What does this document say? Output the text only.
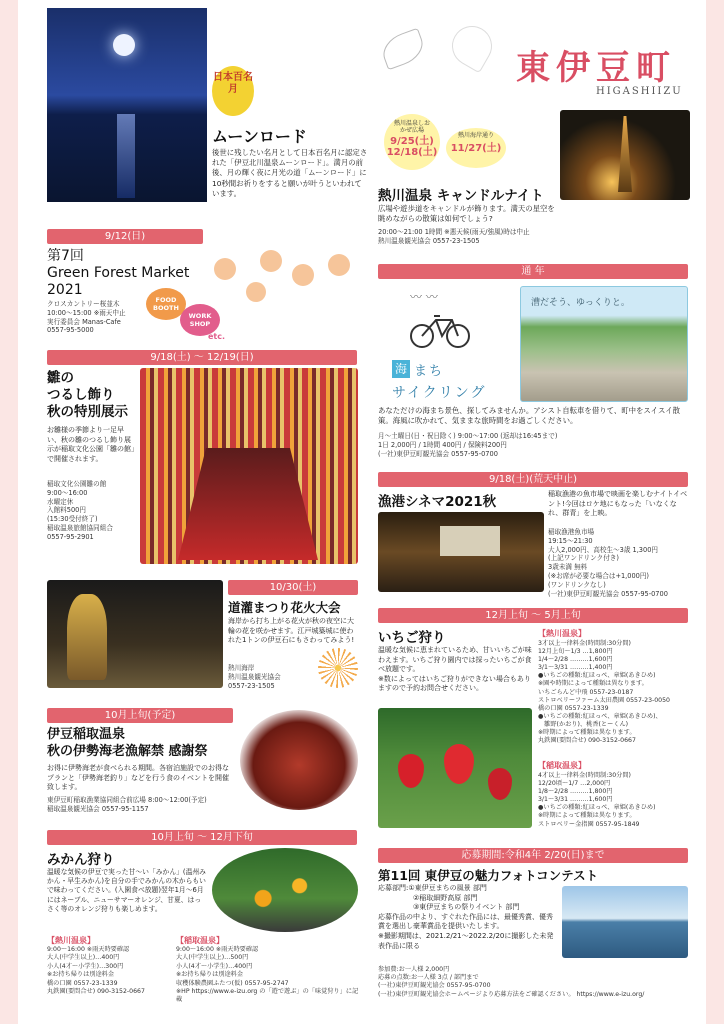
東伊豆町
HIGASHIIZU
日本百名月
ムーンロード
後世に残したい名月として日本百名月に認定された「伊豆北川温泉ムーンロード」。満月の前後、月の輝く夜に月光の道「ムーンロード」に10秒間お祈りをすると願いが叶うといわれています。
熱川温泉しおかぜ広場
9/25(土)
12/18(土)
熱川海岸通り
11/27(土)
熱川温泉 キャンドルナイト
広場や遊歩道をキャンドルが飾ります。満天の星空を眺めながらの散策は如何でしょう?
20:00～21:00 1時間 ※悪天候(雨天/強風)時は中止
熱川温泉観光協会 0557-23-1505
9/12(日)
第7回
Green Forest Market
2021
クロスカントリー桜並木
10:00～15:00 ※雨天中止
実行委員会 Manas-Cafe
0557-95-5000
FOOD
BOOTH
WORK
SHOP
etc.
9/18(土) ～ 12/19(日)
雛の
つるし飾り
秋の特別展示
お雛様の季節より一足早い、秋の雛のつるし飾り展示が稲取文化公園「雛の館」で開催されます。
稲取文化公園雛の館
9:00～16:00
水曜定休
入館料500円
(15:30受付終了)
稲取温泉旅館協同組合
0557-95-2901
通 年
〰 〰
海 まち
サイクリング
漕だそう、ゆっくりと。
あなただけの海まち景色、探してみませんか。アシスト自転車を借りて、町中をスイスイ散策。海風に吹かれて、気ままな旅時間をお過ごしください。
月～土曜日(日・祝日除く) 9:00～17:00 (返却は16:45まで)
1日 2,000円 / 1時間 400円 / 保険料200円
(一社)東伊豆町観光協会 0557-95-0700
10/30(土)
道灌まつり花火大会
海岸から打ち上がる花火が秋の夜空に大輪の花を咲かせます。江戸城築城に使われた1トンの伊豆石にもさわってみよう!
熱川海岸
熱川温泉観光協会
0557-23-1505
9/18(土)(荒天中止)
漁港シネマ2021秋	稲取漁港の魚市場で映画を楽しむナイトイベント!今回はロケ地にもなった「いなくなれ、群青」を上映。
稲取漁港魚市場
19:15～21:30
大人2,000円、高校生～3歳 1,300円
(上記ワンドリンク付き)
3歳未満 無料
(※お席が必要な場合は+1,000円)
(ワンドリンクなし)
(一社)東伊豆町観光協会 0557-95-0700
10月上旬(予定)
伊豆稲取温泉
秋の伊勢海老漁解禁 感謝祭
お得に伊勢海老が食べられる期間。各宿泊施設でのお得なプランと「伊勢海老釣り」などを行う食のイベントを開催致します。
東伊豆町稲取漁業協同組合前広場 8:00～12:00(予定)
稲取温泉観光協会 0557-95-1157
12月上旬 ～ 5月上旬
いちご狩り
温暖な気候に恵まれているため、甘いいちごが味わえます。いちご狩り園内では採ったいちごが食べ放題です。
※数によってはいちご狩りができない場合もありますので予約お問合せください。
【熱川温泉】
3才以上一律料金(時間制:30分間)
12月上旬～1/3 …1,800円
1/4～2/28 ………1,600円
3/1～3/31 ………1,400円
●いちごの種類:紅ほっぺ、章姫(あきひめ)
※園や時期によって種類は異なります。
いちごらんど中飛 0557-23-0187
ストロベリーファーム太田農園 0557-23-0050
橋の口園 0557-23-1339
●いちごの種類:紅ほっぺ、章姫(あきひめ)、
　雛野(かおり)、桃香(とーくん)
※時期によって種類は異なります。
丸鉄園(要問合せ) 090-3152-0667
【稲取温泉】
4才以上一律料金(時間制:30分間)
12/20頃～1/7 …2,000円
1/8～2/28 ………1,800円
3/1～3/31 ………1,600円
●いちごの種類:紅ほっぺ、章姫(あきひめ)
※時期によって種類は異なります。
ストロベリー金指園 0557-95-1849
10月上旬 ～ 12月下旬
みかん狩り
温暖な気候の伊豆で実った甘～い「みかん」(温州みかん・早生みかん)を自分の手でみかんの木からもいで味わってください。(入園食べ放題)翌年1月～6月にはネーブル、ニューサマーオレンジ、甘夏、はっさく等のオレンジ狩りも楽しめます。
【熱川温泉】
9:00～16:00 ※雨天時要確認
大人(中学生以上)…400円
小人(4才～小学生)…300円
※お持ち帰りは別途料金
橋の口園 0557-23-1339
丸鉄園(要問合せ) 090-3152-0667
【稲取温泉】
9:00～16:00 ※雨天時要確認
大人(中学生以上)…500円
小人(4才～小学生)…400円
※お持ち帰りは別途料金
収穫体験農園ふたつ(仮) 0557-95-2747
※HP https://www.e-izu.org の「遊で遊ぶ」の「味覚狩り」に記載
応募期間:令和4年 2/20(日)まで
第11回 東伊豆の魅力フォトコンテスト
応募部門:①東伊豆まちの風景 部門
　　　　　②稲取細野高原 部門
　　　　　③東伊豆まちの祭りイベント 部門
応募作品の中より、すぐれた作品には、最優秀賞、優秀賞を選出し豪華賞品を提供いたします。
※撮影期間は、2021.2/21～2022.2/20に撮影した未発表作品に限る
参加費:お一人様 2,000円
応募の点数:お一人様 3点 / 部門まで
(一社)東伊豆町観光協会 0557-95-0700
(一社)東伊豆町観光協会ホームページより応募方法をご確認ください。 https://www.e-izu.org/
